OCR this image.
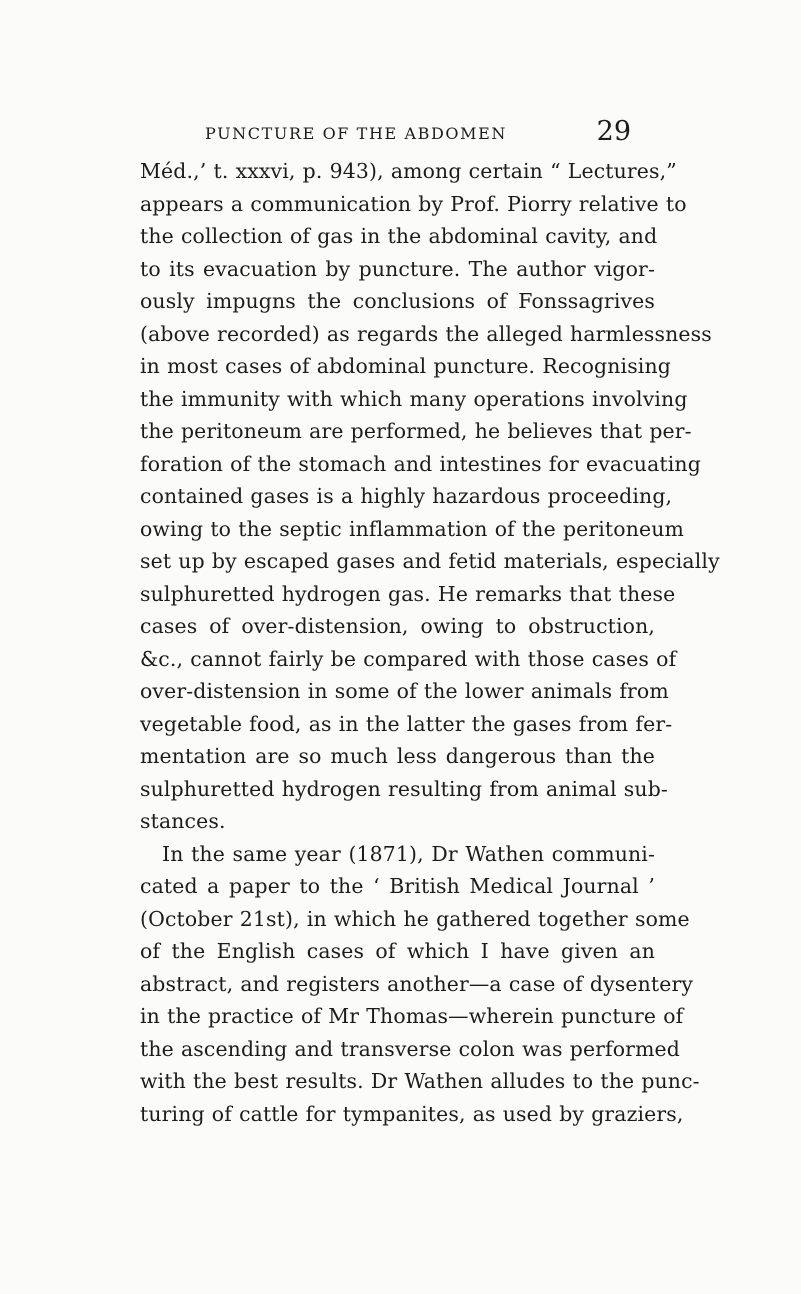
PUNCTURE OF THE ABDOMEN	29
Méd.,’ t. xxxvi, p. 943), among certain “ Lectures,”
appears a communication by Prof. Piorry relative to
the collection of gas in the abdominal cavity, and
to its evacuation by puncture. The author vigor-
ously impugns the conclusions of Fonssagrives
(above recorded) as regards the alleged harmlessness
in most cases of abdominal puncture. Recognising
the immunity with which many operations involving
the peritoneum are performed, he believes that per-
foration of the stomach and intestines for evacuating
contained gases is a highly hazardous proceeding,
owing to the septic inflammation of the peritoneum
set up by escaped gases and fetid materials, especially
sulphuretted hydrogen gas. He remarks that these
cases of over-distension, owing to obstruction,
&c., cannot fairly be compared with those cases of
over-distension in some of the lower animals from
vegetable food, as in the latter the gases from fer-
mentation are so much less dangerous than the
sulphuretted hydrogen resulting from animal sub-
stances.
In the same year (1871), Dr Wathen communi-
cated a paper to the ‘ British Medical Journal ’
(October 21st), in which he gathered together some
of the English cases of which I have given an
abstract, and registers another—a case of dysentery
in the practice of Mr Thomas—wherein puncture of
the ascending and transverse colon was performed
with the best results. Dr Wathen alludes to the punc-
turing of cattle for tympanites, as used by graziers,
